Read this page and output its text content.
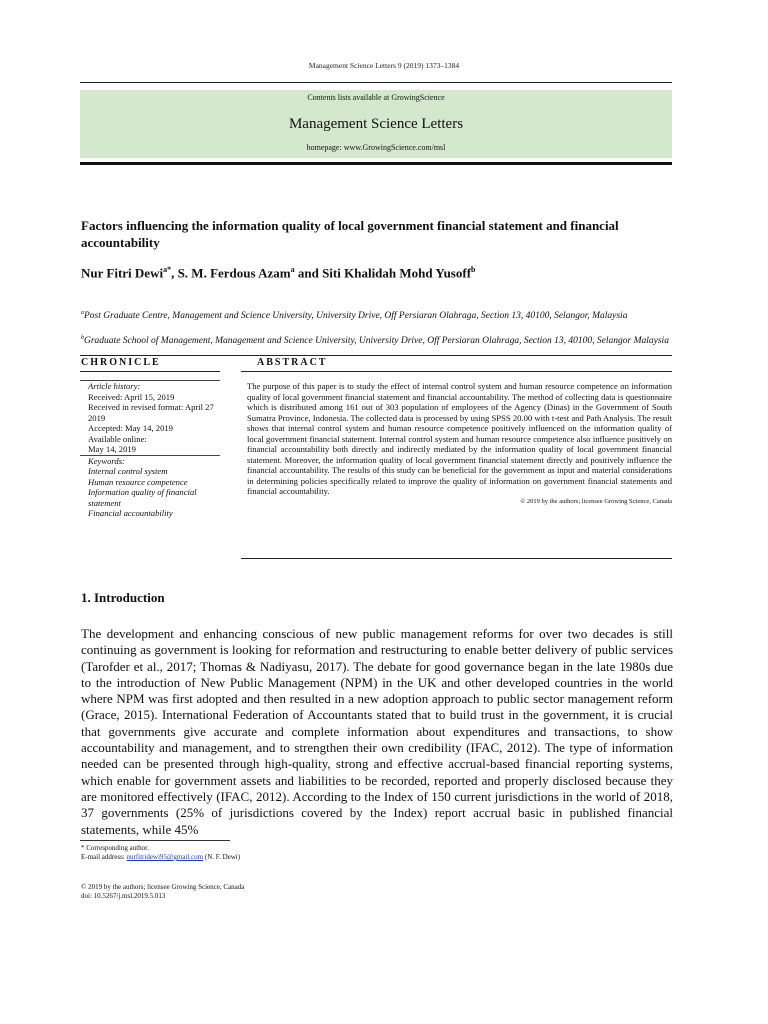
Management Science Letters 9 (2019) 1373–1384
Contents lists available at GrowingScience
Management Science Letters
homepage: www.GrowingScience.com/msl
Factors influencing the information quality of local government financial statement and financial accountability
Nur Fitri Dewi$^{a*}$, S. M. Ferdous Azam$^a$ and Siti Khalidah Mohd Yusoff$^b$
$^a$Post Graduate Centre, Management and Science University, University Drive, Off Persiaran Olahraga, Section 13, 40100, Selangor, Malaysia
$^b$Graduate School of Management, Management and Science University, University Drive, Off Persiaran Olahraga, Section 13, 40100, Selangor Malaysia
CHRONICLE	ABSTRACT
Article history:
Received: April 15, 2019
Received in revised format: April 27 2019
Accepted: May 14, 2019
Available online:
May 14, 2019
Keywords:
Internal control system
Human resource competence
Information quality of financial statement
Financial accountability
The purpose of this paper is to study the effect of internal control system and human resource competence on information quality of local government financial statement and financial accountability. The method of collecting data is questionnaire which is distributed among 161 out of 303 population of employees of the Agency (Dinas) in the Government of South Sumatra Province, Indonesia. The collected data is processed by using SPSS 20.00 with t-test and Path Analysis. The result shows that internal control system and human resource competence positively influenced on the information quality of local government financial statement. Internal control system and human resource competence also influence positively on financial accountability both directly and indirectly mediated by the information quality of local government financial statement. Moreover, the information quality of local government financial statement directly and positively influence the financial accountability. The results of this study can be beneficial for the government as input and material considerations in determining policies specifically related to improve the quality of information on government financial statements and financial accountability.
© 2019 by the authors; licensee Growing Science, Canada
1. Introduction
The development and enhancing conscious of new public management reforms for over two decades is still continuing as government is looking for reformation and restructuring to enable better delivery of public services (Tarofder et al., 2017; Thomas & Nadiyasu, 2017). The debate for good governance began in the late 1980s due to the introduction of New Public Management (NPM) in the UK and other developed countries in the world where NPM was first adopted and then resulted in a new adoption approach to public sector management reform (Grace, 2015). International Federation of Accountants stated that to build trust in the government, it is crucial that governments give accurate and complete information about expenditures and transactions, to show accountability and management, and to strengthen their own credibility (IFAC, 2012). The type of information needed can be presented through high-quality, strong and effective accrual-based financial reporting systems, which enable for government assets and liabilities to be recorded, reported and properly disclosed because they are monitored effectively (IFAC, 2012). According to the Index of 150 current jurisdictions in the world of 2018, 37 governments (25% of jurisdictions covered by the Index) report accrual basic in published financial statements, while 45%
* Corresponding author.
E-mail address: nurfitridewi95@gmail.com (N. F. Dewi)
© 2019 by the authors; licensee Growing Science, Canada
doi: 10.5267/j.msl.2019.5.013
